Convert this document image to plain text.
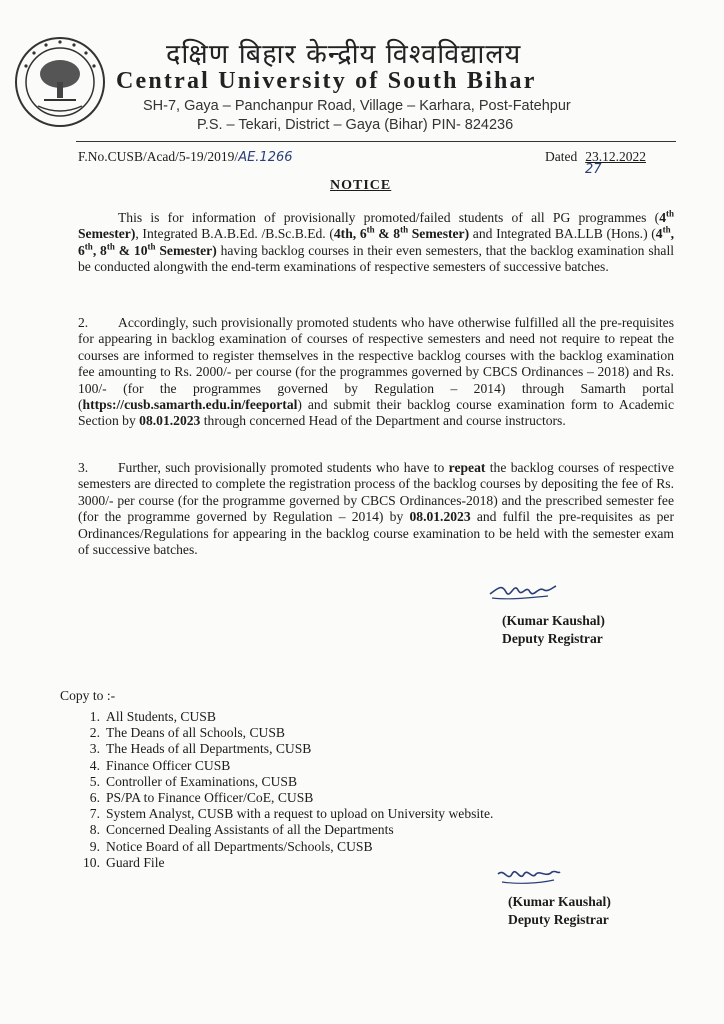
दक्षिण बिहार केन्द्रीय विश्वविद्यालय
Central University of South Bihar
SH-7, Gaya – Panchanpur Road, Village – Karhara, Post-Fatehpur
P.S. – Tekari, District – Gaya (Bihar) PIN- 824236
F.No.CUSB/Acad/5-19/2019/AE.1266	Dated 23.12.2022
27
NOTICE
This is for information of provisionally promoted/failed students of all PG programmes (4th Semester), Integrated B.A.B.Ed. /B.Sc.B.Ed. (4th, 6th & 8th Semester) and Integrated BA.LLB (Hons.) (4th, 6th, 8th & 10th Semester) having backlog courses in their even semesters, that the backlog examination shall be conducted alongwith the end-term examinations of respective semesters of successive batches.
2. Accordingly, such provisionally promoted students who have otherwise fulfilled all the pre-requisites for appearing in backlog examination of courses of respective semesters and need not require to repeat the courses are informed to register themselves in the respective backlog courses with the backlog examination fee amounting to Rs. 2000/- per course (for the programmes governed by CBCS Ordinances – 2018) and Rs. 100/- (for the programmes governed by Regulation – 2014) through Samarth portal (https://cusb.samarth.edu.in/feeportal) and submit their backlog course examination form to Academic Section by 08.01.2023 through concerned Head of the Department and course instructors.
3. Further, such provisionally promoted students who have to repeat the backlog courses of respective semesters are directed to complete the registration process of the backlog courses by depositing the fee of Rs. 3000/- per course (for the programme governed by CBCS Ordinances-2018) and the prescribed semester fee (for the programme governed by Regulation – 2014) by 08.01.2023 and fulfil the pre-requisites as per Ordinances/Regulations for appearing in the backlog course examination to be held with the semester exam of successive batches.
(Kumar Kaushal)
Deputy Registrar
Copy to :-
1. All Students, CUSB
2. The Deans of all Schools, CUSB
3. The Heads of all Departments, CUSB
4. Finance Officer CUSB
5. Controller of Examinations, CUSB
6. PS/PA to Finance Officer/CoE, CUSB
7. System Analyst, CUSB with a request to upload on University website.
8. Concerned Dealing Assistants of all the Departments
9. Notice Board of all Departments/Schools, CUSB
10. Guard File
(Kumar Kaushal)
Deputy Registrar
